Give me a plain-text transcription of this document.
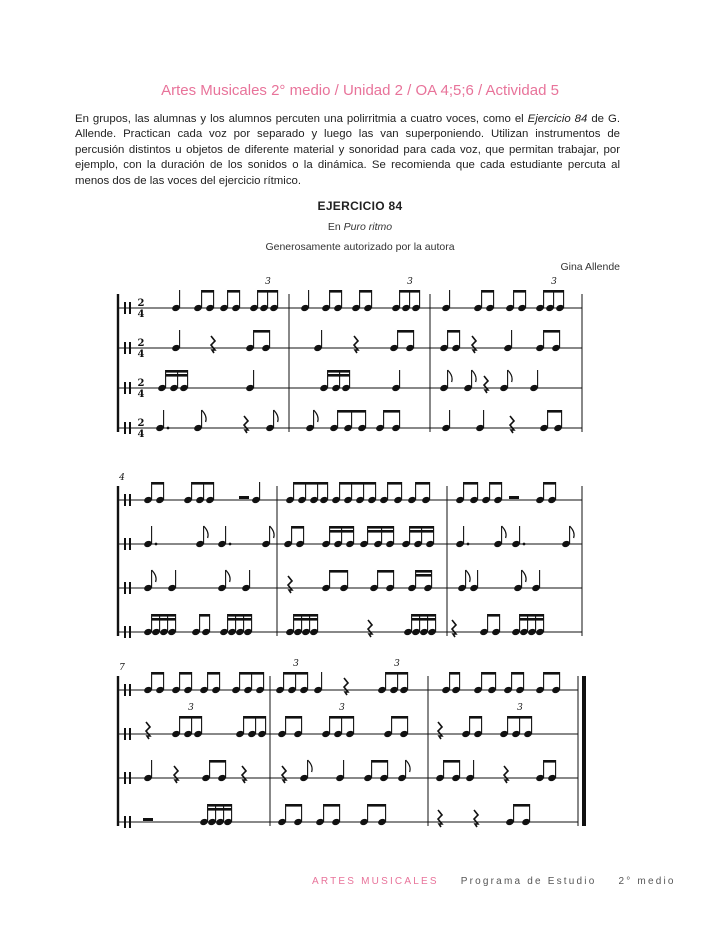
Artes Musicales 2° medio / Unidad 2 / OA 4;5;6 / Actividad 5
En grupos, las alumnas y los alumnos percuten una polirritmia a cuatro voces, como el Ejercicio 84 de G. Allende. Practican cada voz por separado y luego las van superponiendo. Utilizan instrumentos de percusión distintos u objetos de diferente material y sonoridad para cada voz, que permitan trabajar, por ejemplo, con la duración de los sonidos o la dinámica. Se recomienda que cada estudiante percuta al menos dos de las voces del ejercicio rítmico.
EJERCICIO 84
En Puro ritmo
Generosamente autorizado por la autora
Gina Allende
2
4
2
4
2
4
2
4
3	3	3
4
7	3	3
3	3	3
ARTES MUSICALES Programa de Estudio 2° medio
